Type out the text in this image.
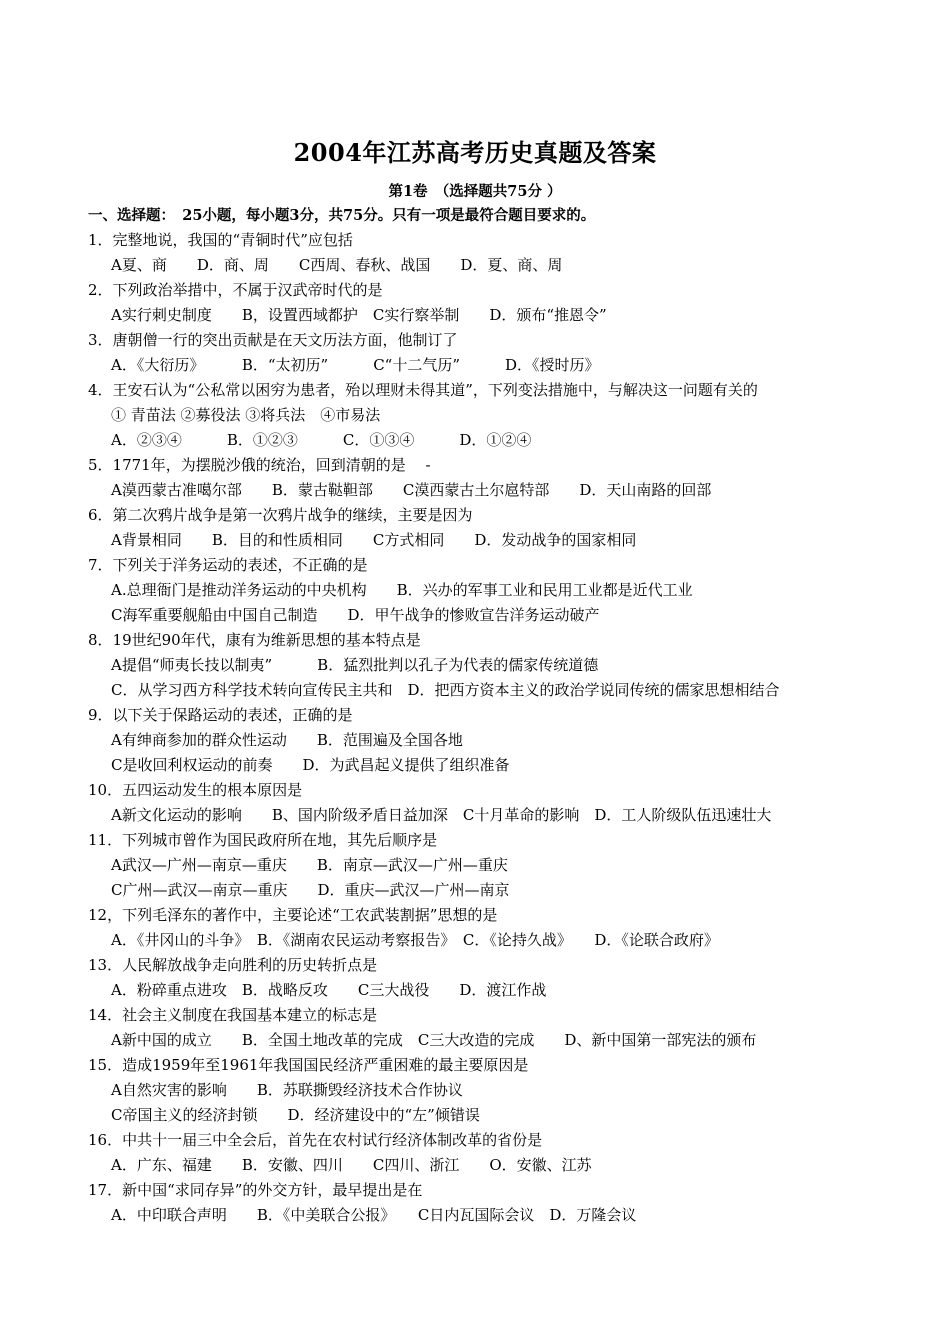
2004年江苏高考历史真题及答案
第1卷　（选择题共75分 ）
一、选择题：　25小题，每小题3分，共75分。只有一项是最符合题目要求的。
1．完整地说，我国的“青铜时代”应包括
A夏、商　　D．商、周　　C西周、春秋、战国　　D．夏、商、周
2．下列政治举措中，不属于汉武帝时代的是
A实行刺史制度　　B，设置西域都护　C实行察举制　　D．颁布“推恩令”
3．唐朝僧一行的突出贡献是在天文历法方面，他制订了
A．《大衍历》　　　B．“太初历”　　　C“十二气历”　　　D．《授时历》
4．王安石认为“公私常以困穷为患者，殆以理财未得其道”，下列变法措施中，与解决这一问题有关的
① 青苗法 ②募役法 ③将兵法　④市易法
A．②③④　　　B．①②③　　　C．①③④　　　D．①②④
5．1771年，为摆脱沙俄的统治，回到清朝的是 　-
A漠西蒙古准噶尔部　　B．蒙古鞑靼部　　C漠西蒙古土尔扈特部　　D．天山南路的回部
6．第二次鸦片战争是第一次鸦片战争的继续，主要是因为
A背景相同　　B．目的和性质相同　　C方式相同　　D．发动战争的国家相同
7．下列关于洋务运动的表述，不正确的是
A.总理衙门是推动洋务运动的中央机构　　B．兴办的军事工业和民用工业都是近代工业
C海军重要舰船由中国自己制造　　D．甲午战争的惨败宣告洋务运动破产
8．19世纪90年代，康有为维新思想的基本特点是
A提倡“师夷长技以制夷”　　　B．猛烈批判以孔子为代表的儒家传统道德
C．从学习西方科学技术转向宣传民主共和　D．把西方资本主义的政治学说同传统的儒家思想相结合
9．以下关于保路运动的表述，正确的是
A有绅商参加的群众性运动　　B．范围遍及全国各地
C是收回利权运动的前奏　　D．为武昌起义提供了组织准备
10．五四运动发生的根本原因是
A新文化运动的影响　　B、国内阶级矛盾日益加深　C十月革命的影响　D．工人阶级队伍迅速壮大
11．下列城市曾作为国民政府所在地，其先后顺序是
A武汉—广州—南京—重庆　　B．南京—武汉—广州—重庆
C广州—武汉—南京—重庆　　D．重庆—武汉—广州—南京
12，下列毛泽东的著作中，主要论述“工农武装割据”思想的是
A．《井冈山的斗争》　B．《湖南农民运动考察报告》　C．《论持久战》　　D．《论联合政府》
13．人民解放战争走向胜利的历史转折点是
A．粉碎重点进攻　B．战略反攻　　C三大战役　　D．渡江作战
14．社会主义制度在我国基本建立的标志是
A新中国的成立　　B．全国土地改革的完成　C三大改造的完成　　D、新中国第一部宪法的颁布
15．造成1959年至1961年我国国民经济严重困难的最主要原因是
A自然灾害的影响　　B．苏联撕毁经济技术合作协议
C帝国主义的经济封锁　　D．经济建设中的“左”倾错误
16．中共十一届三中全会后，首先在农村试行经济体制改革的省份是
A．广东、福建　　B．安徽、四川　　C四川、浙江　　O．安徽、江苏
17．新中国“求同存异”的外交方针，最早提出是在
A．中印联合声明　　B．《中美联合公报》　　C日内瓦国际会议　D．万隆会议
